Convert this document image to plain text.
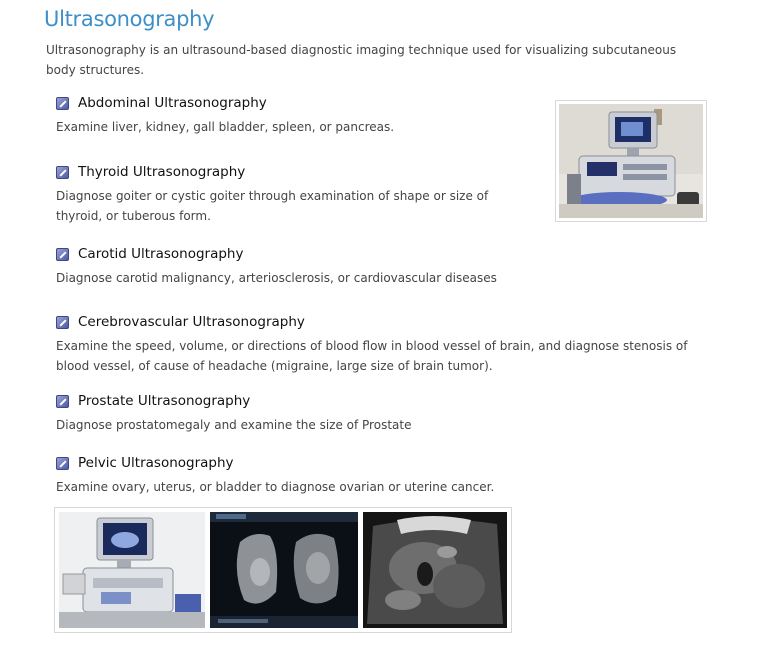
Ultrasonography
Ultrasonography is an ultrasound-based diagnostic imaging technique used for visualizing subcutaneous body structures.
Abdominal Ultrasonography
Examine liver, kidney, gall bladder, spleen, or pancreas.
Thyroid Ultrasonography
Diagnose goiter or cystic goiter through examination of shape or size of thyroid, or tuberous form.
Carotid Ultrasonography
Diagnose carotid malignancy, arteriosclerosis, or cardiovascular diseases
Cerebrovascular Ultrasonography
Examine the speed, volume, or directions of blood flow in blood vessel of brain, and diagnose stenosis of blood vessel, of cause of headache (migraine, large size of brain tumor).
Prostate Ultrasonography
Diagnose prostatomegaly and examine the size of Prostate
Pelvic Ultrasonography
Examine ovary, uterus, or bladder to diagnose ovarian or uterine cancer.
